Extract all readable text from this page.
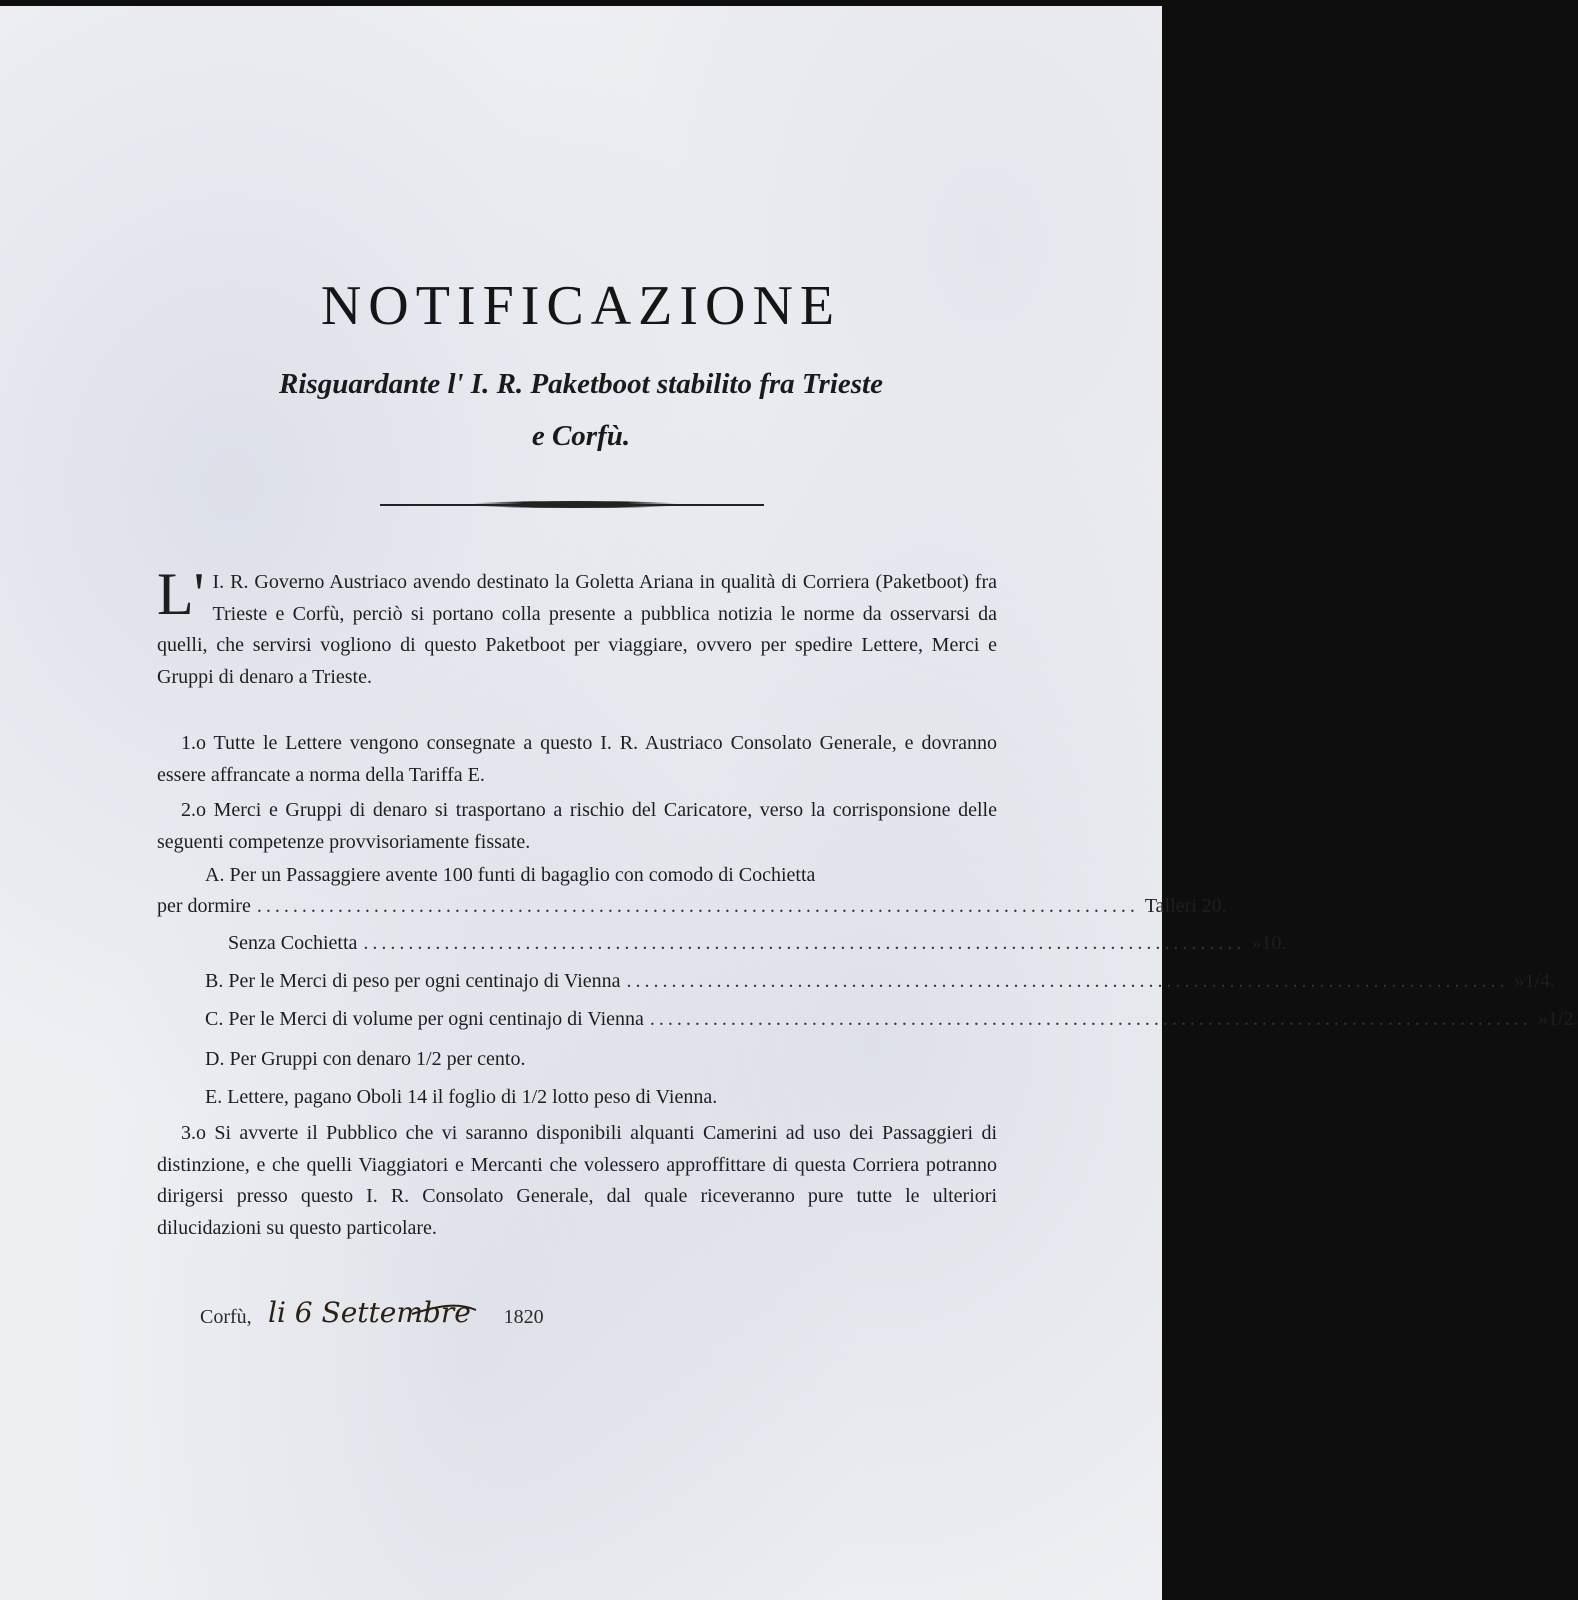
NOTIFICAZIONE
Risguardante l' I. R. Paketboot stabilito fra Trieste
e Corfù.
L' I. R. Governo Austriaco avendo destinato la Goletta Ariana in qualità di Corriera (Paketboot) fra Trieste e Corfù, perciò si portano colla presente a pubblica notizia le norme da osservarsi da quelli, che servirsi vogliono di questo Paketboot per viaggiare, ovvero per spedire Lettere, Merci e Gruppi di denaro a Trieste.

1.o Tutte le Lettere vengono consegnate a questo I. R. Austriaco Consolato Generale, e dovranno essere affrancate a norma della Tariffa E.

2.o Merci e Gruppi di denaro si trasportano a rischio del Caricatore, verso la corrisponsione delle seguenti competenze provvisoriamente fissate.

A. Per un Passaggiere avente 100 funti di bagaglio con comodo di Cochietta
per dormire .................................................................................................. Talleri 20.
Senza Cochietta .................................................................................................. » 10.
B. Per le Merci di peso per ogni centinajo di Vienna .................................................................................................. » 1/4.
C. Per le Merci di volume per ogni centinajo di Vienna .................................................................................................. » 1/2.
D. Per Gruppi con denaro 1/2 per cento.
E. Lettere, pagano Oboli 14 il foglio di 1/2 lotto peso di Vienna.

3.o Si avverte il Pubblico che vi saranno disponibili alquanti Camerini ad uso dei Passaggieri di distinzione, e che quelli Viaggiatori e Mercanti che volessero approffittare di questa Corriera potranno dirigersi presso questo I. R. Consolato Generale, dal quale riceveranno pure tutte le ulteriori dilucidazioni su questo particolare.

Corfù, li 6 Settembre 1820
